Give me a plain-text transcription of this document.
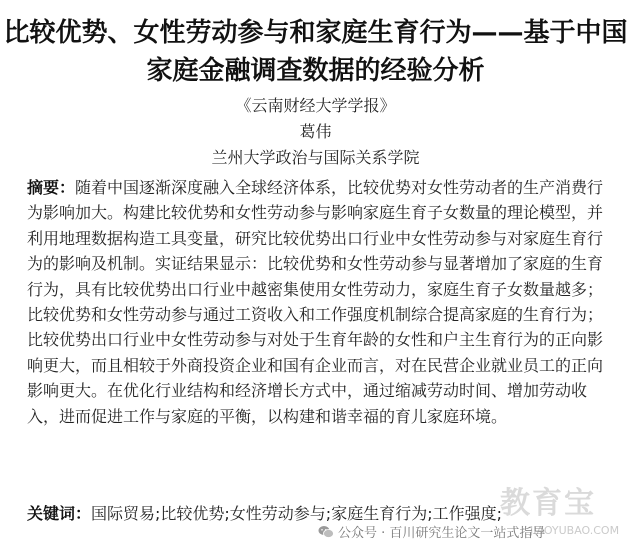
比较优势、女性劳动参与和家庭生育行为——基于中国家庭金融调查数据的经验分析
《云南财经大学学报》
葛伟
兰州大学政治与国际关系学院
摘要：随着中国逐渐深度融入全球经济体系，比较优势对女性劳动者的生产消费行为影响加大。构建比较优势和女性劳动参与影响家庭生育子女数量的理论模型，并利用地理数据构造工具变量，研究比较优势出口行业中女性劳动参与对家庭生育行为的影响及机制。实证结果显示：比较优势和女性劳动参与显著增加了家庭的生育行为，具有比较优势出口行业中越密集使用女性劳动力，家庭生育子女数量越多；比较优势和女性劳动参与通过工资收入和工作强度机制综合提高家庭的生育行为；比较优势出口行业中女性劳动参与对处于生育年龄的女性和户主生育行为的正向影响更大，而且相较于外商投资企业和国有企业而言，对在民营企业就业员工的正向影响更大。在优化行业结构和经济增长方式中，通过缩减劳动时间、增加劳动收入，进而促进工作与家庭的平衡，以构建和谐幸福的育儿家庭环境。
关键词：国际贸易;比较优势;女性劳动参与;家庭生育行为;工作强度;
教育宝
JIAOYUBAO.COM
公众号 · 百川研究生论文一站式指导
